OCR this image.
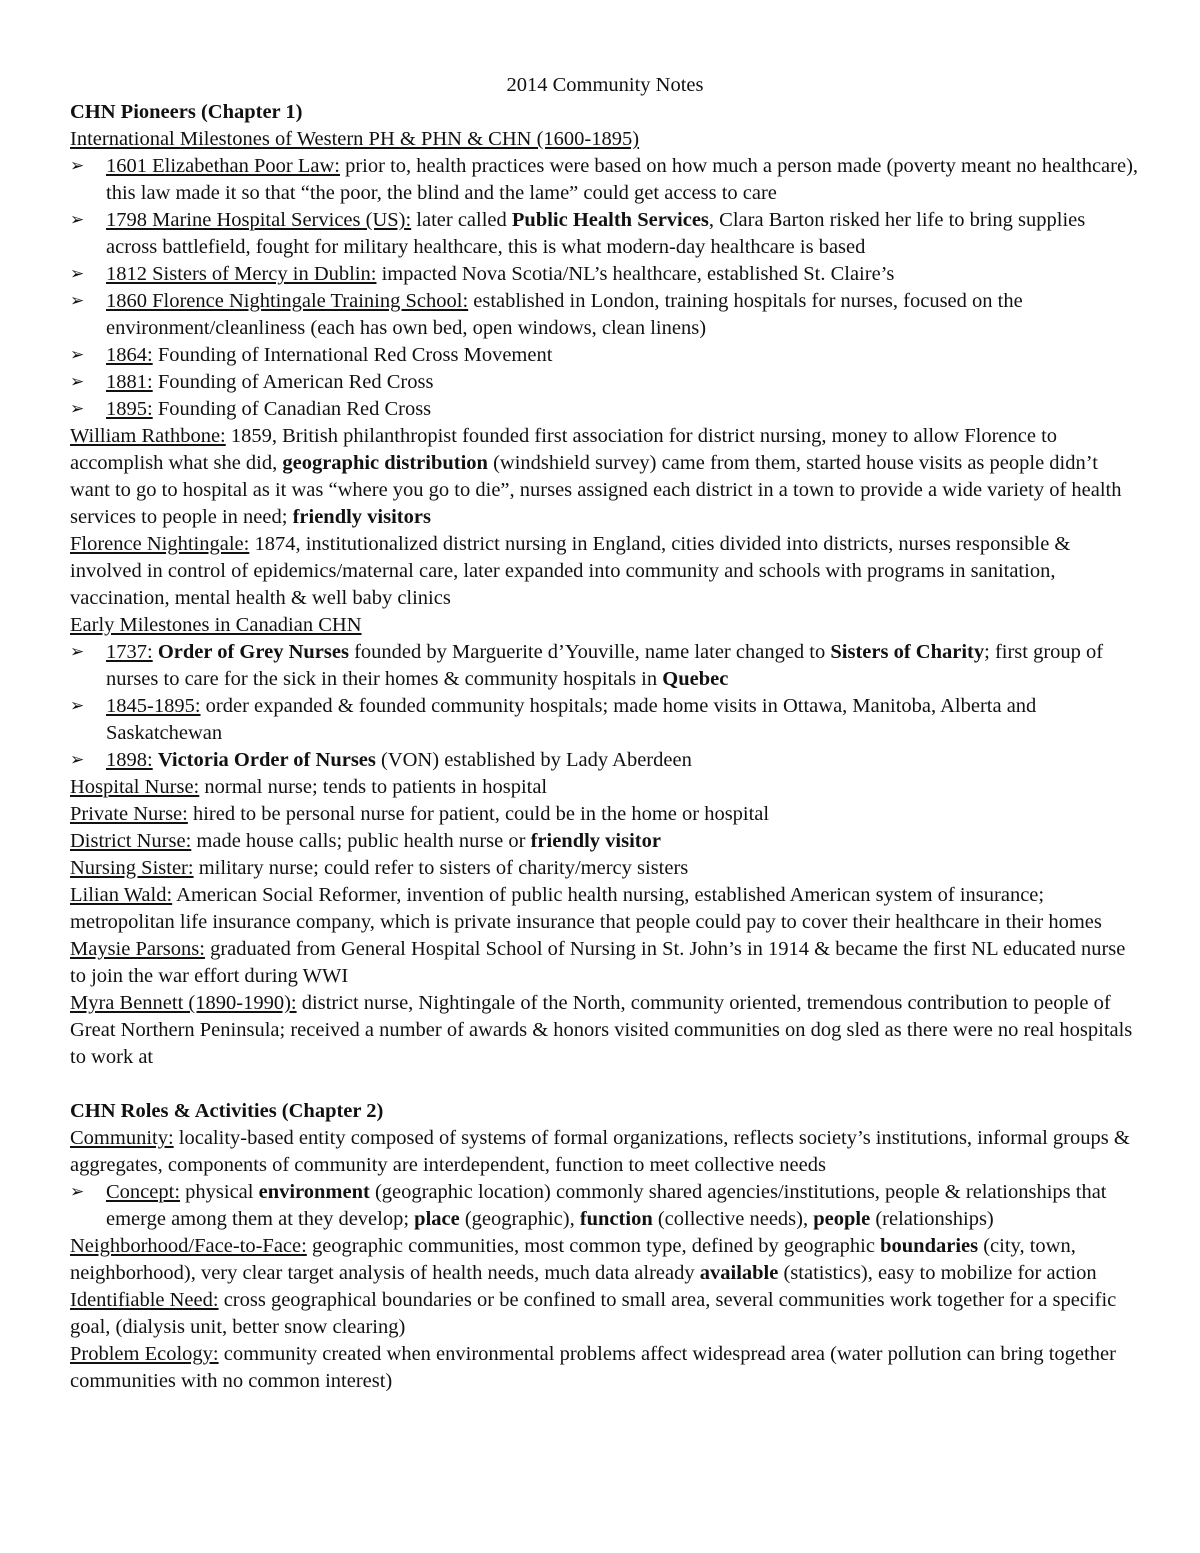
2014 Community Notes
CHN Pioneers (Chapter 1)
International Milestones of Western PH & PHN & CHN (1600-1895)
➢	1601 Elizabethan Poor Law: prior to, health practices were based on how much a person made (poverty meant no healthcare), this law made it so that “the poor, the blind and the lame” could get access to care
➢	1798 Marine Hospital Services (US): later called Public Health Services, Clara Barton risked her life to bring supplies across battlefield, fought for military healthcare, this is what modern-day healthcare is based
➢	1812 Sisters of Mercy in Dublin: impacted Nova Scotia/NL’s healthcare, established St. Claire’s
➢	1860 Florence Nightingale Training School: established in London, training hospitals for nurses, focused on the environment/cleanliness (each has own bed, open windows, clean linens)
➢	1864: Founding of International Red Cross Movement
➢	1881: Founding of American Red Cross
➢	1895: Founding of Canadian Red Cross
William Rathbone: 1859, British philanthropist founded first association for district nursing, money to allow Florence to accomplish what she did, geographic distribution (windshield survey) came from them, started house visits as people didn’t want to go to hospital as it was “where you go to die”, nurses assigned each district in a town to provide a wide variety of health services to people in need; friendly visitors
Florence Nightingale: 1874, institutionalized district nursing in England, cities divided into districts, nurses responsible & involved in control of epidemics/maternal care, later expanded into community and schools with programs in sanitation, vaccination, mental health & well baby clinics
Early Milestones in Canadian CHN
➢	1737: Order of Grey Nurses founded by Marguerite d’Youville, name later changed to Sisters of Charity; first group of nurses to care for the sick in their homes & community hospitals in Quebec
➢	1845-1895: order expanded & founded community hospitals; made home visits in Ottawa, Manitoba, Alberta and Saskatchewan
➢	1898: Victoria Order of Nurses (VON) established by Lady Aberdeen
Hospital Nurse: normal nurse; tends to patients in hospital
Private Nurse: hired to be personal nurse for patient, could be in the home or hospital
District Nurse: made house calls; public health nurse or friendly visitor
Nursing Sister: military nurse; could refer to sisters of charity/mercy sisters
Lilian Wald: American Social Reformer, invention of public health nursing, established American system of insurance; metropolitan life insurance company, which is private insurance that people could pay to cover their healthcare in their homes
Maysie Parsons: graduated from General Hospital School of Nursing in St. John’s in 1914 & became the first NL educated nurse to join the war effort during WWI
Myra Bennett (1890-1990): district nurse, Nightingale of the North, community oriented, tremendous contribution to people of Great Northern Peninsula; received a number of awards & honors visited communities on dog sled as there were no real hospitals to work at
CHN Roles & Activities (Chapter 2)
Community: locality-based entity composed of systems of formal organizations, reflects society’s institutions, informal groups & aggregates, components of community are interdependent, function to meet collective needs
➢	Concept: physical environment (geographic location) commonly shared agencies/institutions, people & relationships that emerge among them at they develop; place (geographic), function (collective needs), people (relationships)
Neighborhood/Face-to-Face: geographic communities, most common type, defined by geographic boundaries (city, town, neighborhood), very clear target analysis of health needs, much data already available (statistics), easy to mobilize for action
Identifiable Need: cross geographical boundaries or be confined to small area, several communities work together for a specific goal, (dialysis unit, better snow clearing)
Problem Ecology: community created when environmental problems affect widespread area (water pollution can bring together communities with no common interest)
